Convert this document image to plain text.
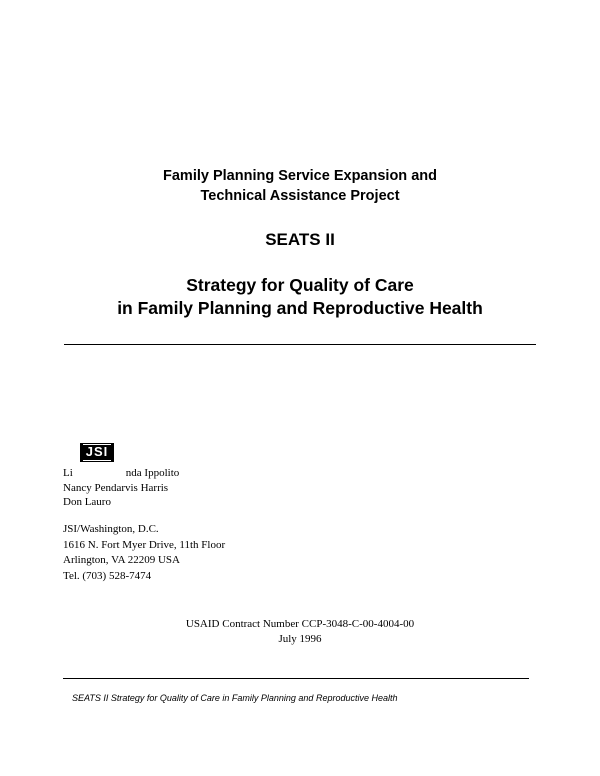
Family Planning Service Expansion and
Technical Assistance Project
SEATS II
Strategy for Quality of Care
in Family Planning and Reproductive Health
JSI
Li	nda Ippolito
Nancy Pendarvis Harris
Don Lauro
JSI/Washington, D.C.
1616 N. Fort Myer Drive, 11th Floor
Arlington, VA 22209 USA
Tel. (703) 528-7474
USAID Contract Number CCP-3048-C-00-4004-00
July 1996
SEATS II Strategy for Quality of Care in Family Planning and Reproductive Health
